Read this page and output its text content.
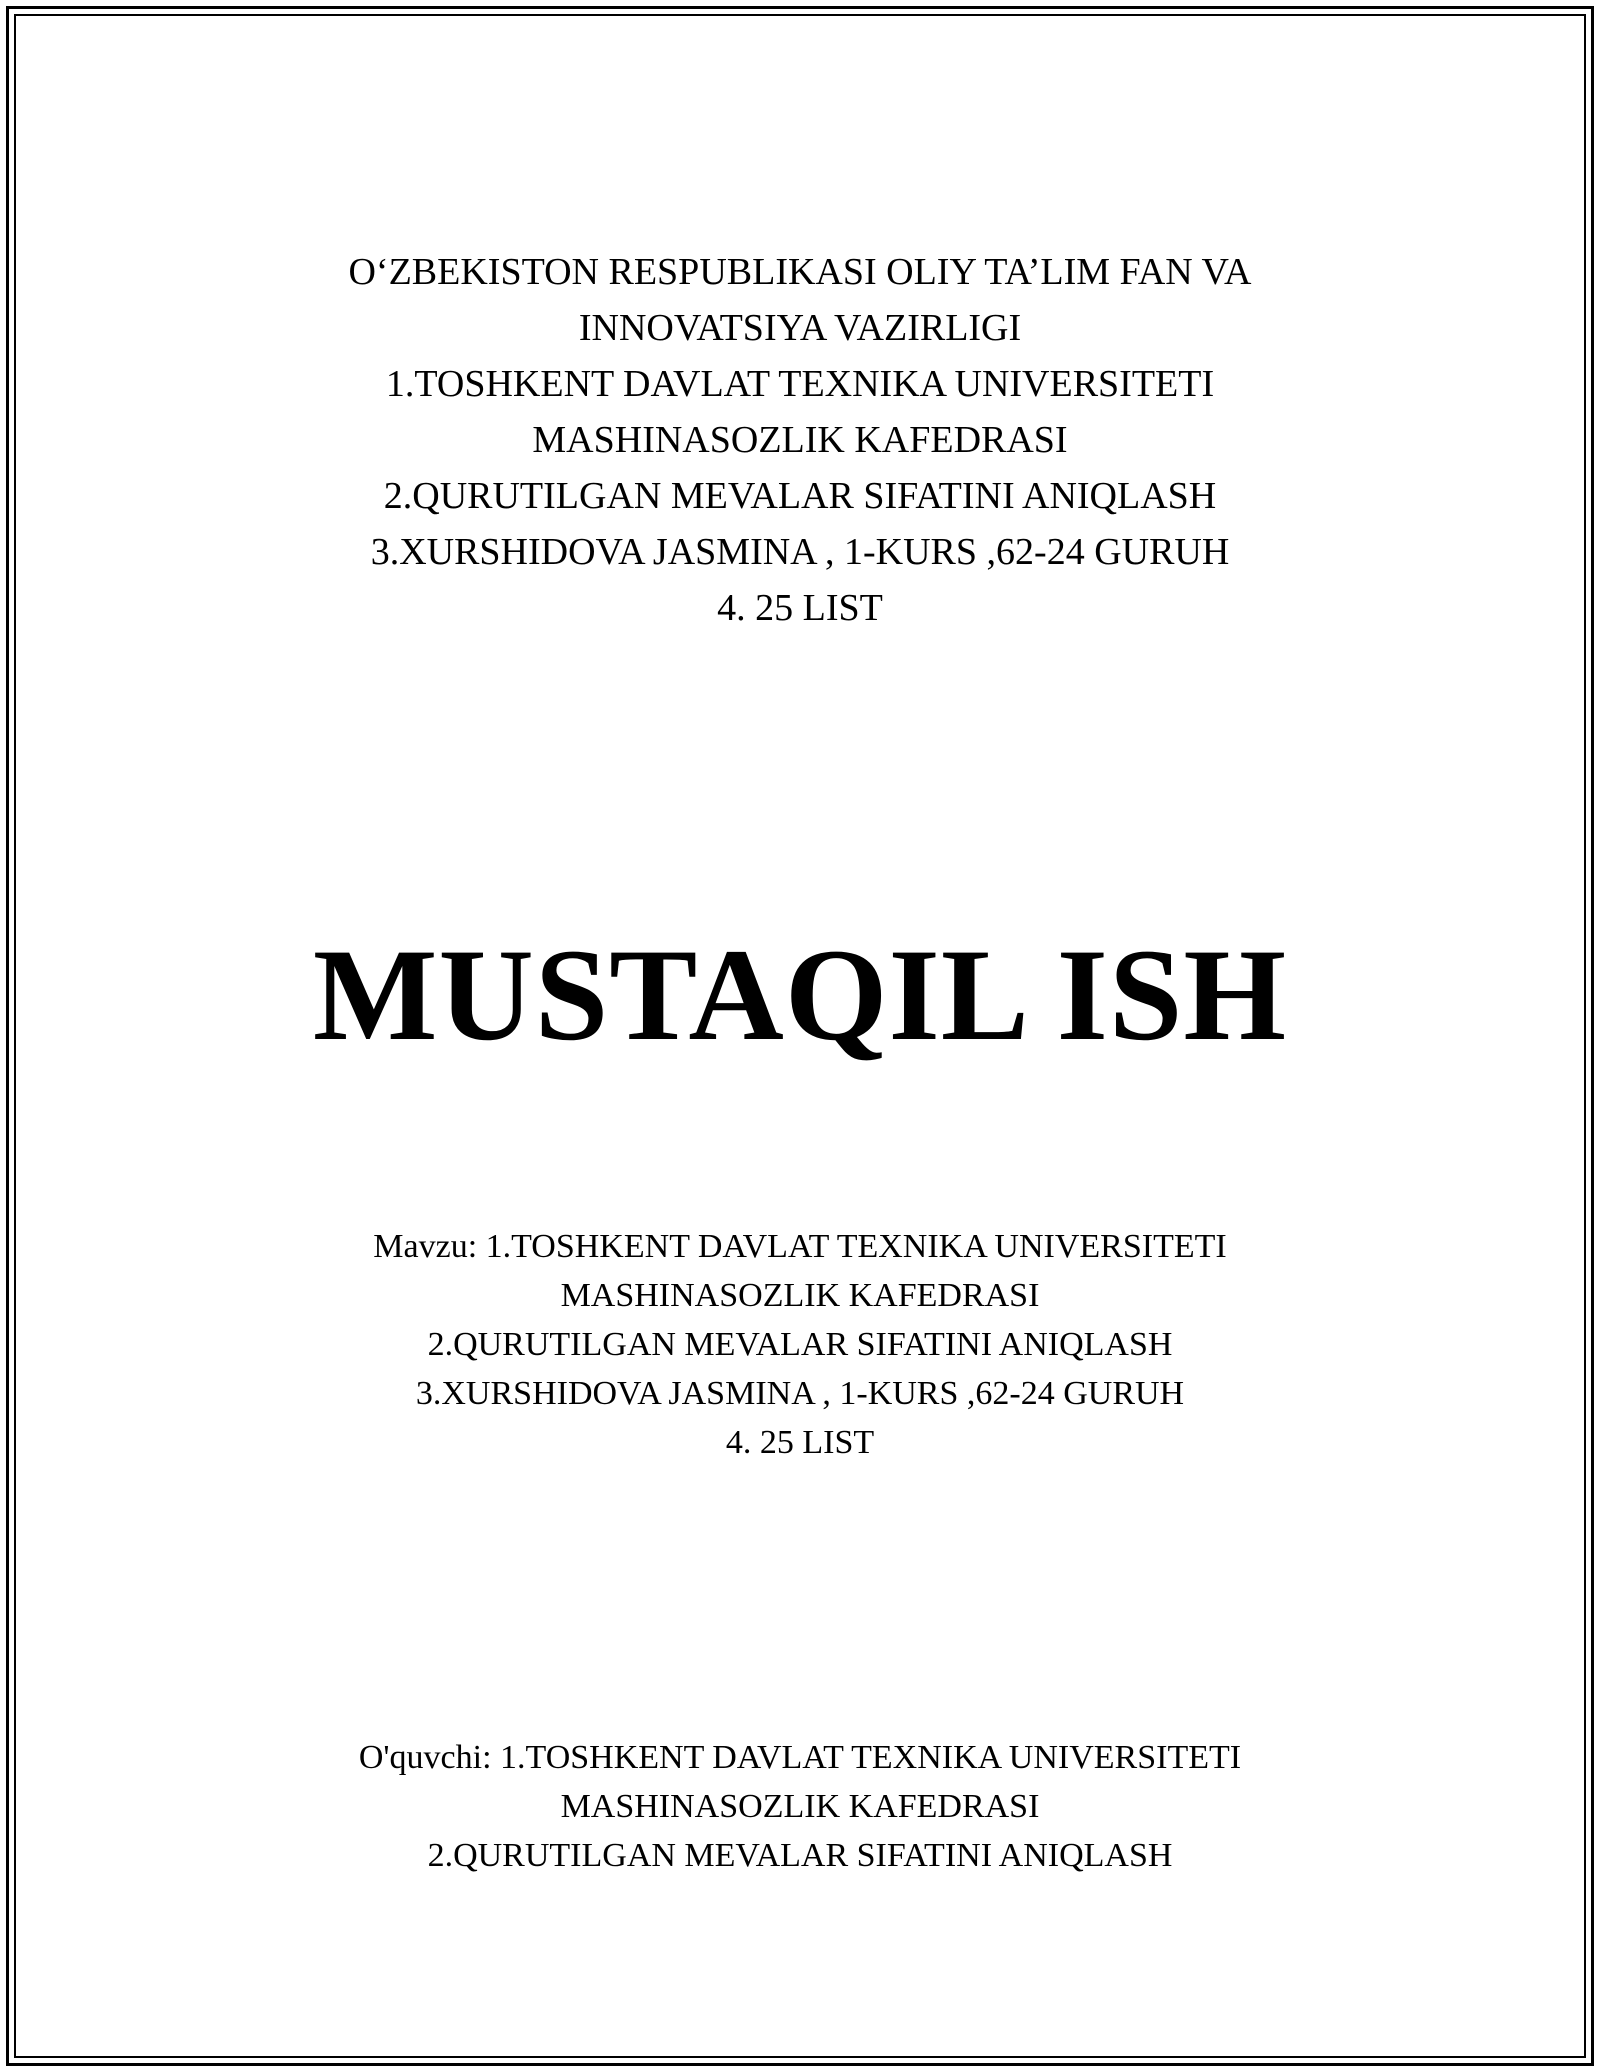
O‘ZBEKISTON RESPUBLIKASI OLIY TA’LIM FAN VA
INNOVATSIYA VAZIRLIGI
1.TOSHKENT DAVLAT TEXNIKA UNIVERSITETI
MASHINASOZLIK KAFEDRASI
2.QURUTILGAN MEVALAR SIFATINI ANIQLASH
3.XURSHIDOVA JASMINA , 1-KURS ,62-24 GURUH
4. 25 LIST
MUSTAQIL ISH
Mavzu: 1.TOSHKENT DAVLAT TEXNIKA UNIVERSITETI
MASHINASOZLIK KAFEDRASI
2.QURUTILGAN MEVALAR SIFATINI ANIQLASH
3.XURSHIDOVA JASMINA , 1-KURS ,62-24 GURUH
4. 25 LIST
O'quvchi: 1.TOSHKENT DAVLAT TEXNIKA UNIVERSITETI
MASHINASOZLIK KAFEDRASI
2.QURUTILGAN MEVALAR SIFATINI ANIQLASH
